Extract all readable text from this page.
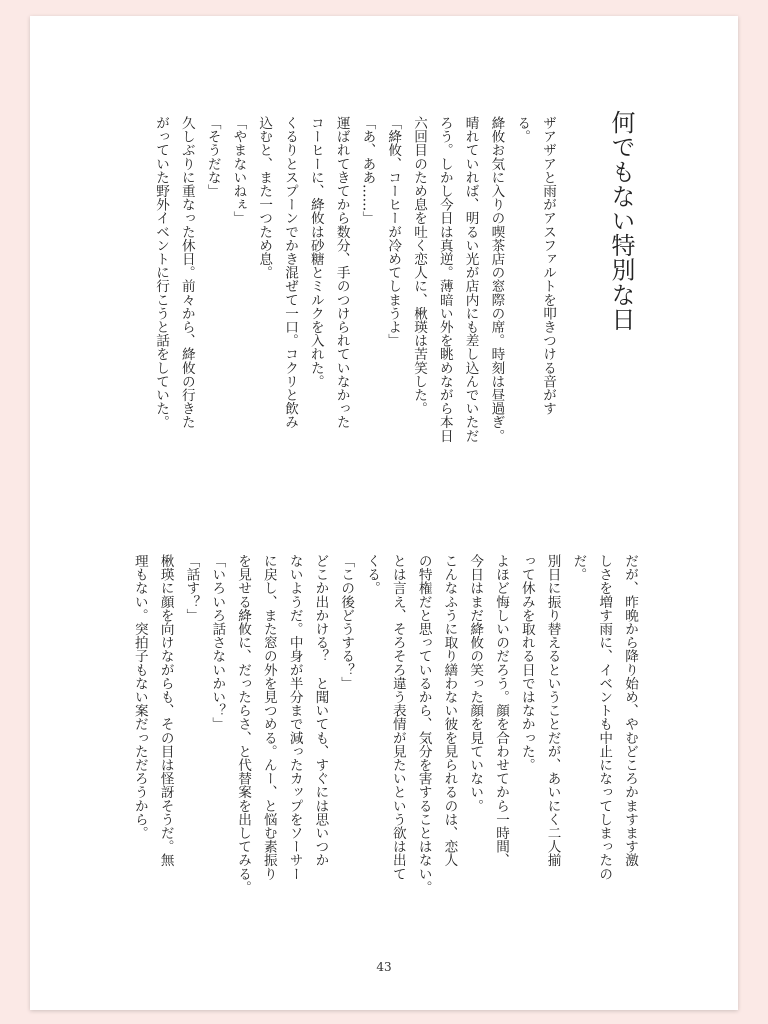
何でもない特別な日

ザアザアと雨がアスファルトを叩きつける音がす

る。

絳攸お気に入りの喫茶店の窓際の席。時刻は昼過ぎ。

晴れていれば、明るい光が店内にも差し込んでいただ

ろう。しかし今日は真逆。薄暗い外を眺めながら本日

六回目のため息を吐く恋人に、楸瑛は苦笑した。

「絳攸、コーヒーが冷めてしまうよ」

「あ、ああ……」

運ばれてきてから数分、手のつけられていなかった

コーヒーに、絳攸は砂糖とミルクを入れた。

くるりとスプーンでかき混ぜて一口。コクリと飲み

込むと、また一つため息。

「やまないねぇ」

「そうだな」

久しぶりに重なった休日。前々から、絳攸の行きた

がっていた野外イベントに行こうと話をしていた。

だが、昨晩から降り始め、やむどころかますます激

しさを増す雨に、イベントも中止になってしまったの

だ。

別日に振り替えるということだが、あいにく二人揃

って休みを取れる日ではなかった。

よほど悔しいのだろう。顔を合わせてから一時間、

今日はまだ絳攸の笑った顔を見ていない。

こんなふうに取り繕わない彼を見られるのは、恋人

の特権だと思っているから、気分を害することはない。

とは言え、そろそろ違う表情が見たいという欲は出て

くる。

「この後どうする？」

どこか出かける？　と聞いても、すぐには思いつか

ないようだ。中身が半分まで減ったカップをソーサー

に戻し、また窓の外を見つめる。んー、と悩む素振り

を見せる絳攸に、だったらさ、と代替案を出してみる。

「いろいろ話さないかい？」

「話す？」

楸瑛に顔を向けながらも、その目は怪訝そうだ。無

理もない。突拍子もない案だっただろうから。

43
